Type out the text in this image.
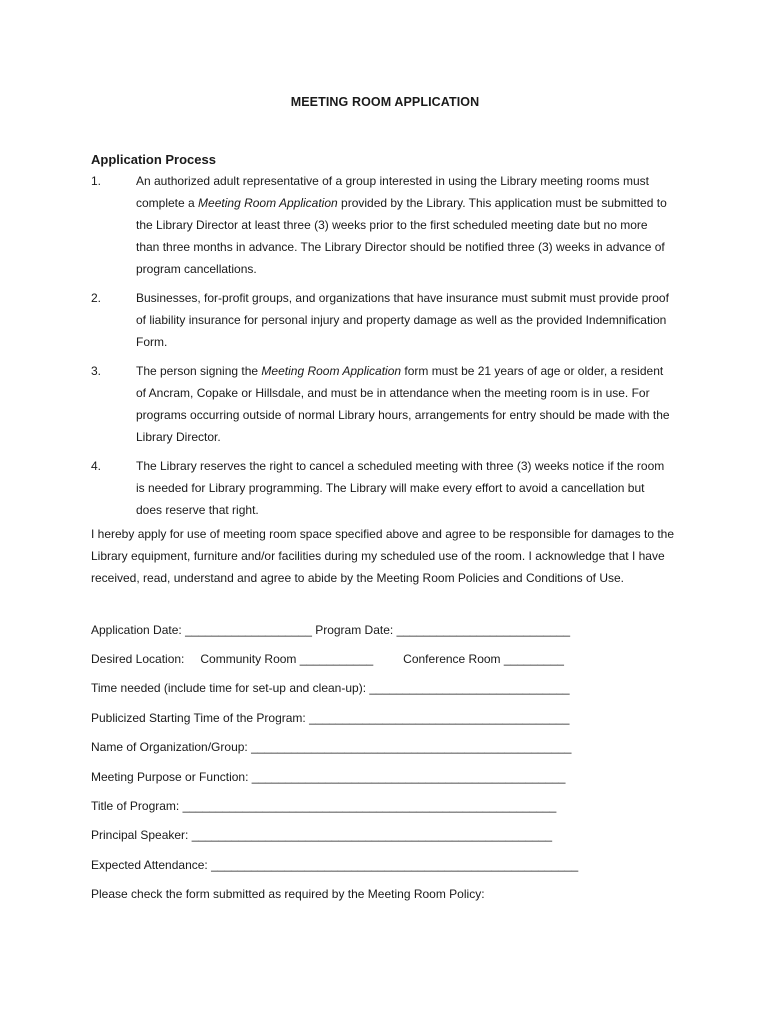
MEETING ROOM APPLICATION
Application Process
1.	An authorized adult representative of a group interested in using the Library meeting rooms must complete a Meeting Room Application provided by the Library. This application must be submitted to the Library Director at least three (3) weeks prior to the first scheduled meeting date but no more than three months in advance. The Library Director should be notified three (3) weeks in advance of program cancellations.
2.	Businesses, for-profit groups, and organizations that have insurance must submit must provide proof of liability insurance for personal injury and property damage as well as the provided Indemnification Form.
3.	The person signing the Meeting Room Application form must be 21 years of age or older, a resident of Ancram, Copake or Hillsdale, and must be in attendance when the meeting room is in use. For programs occurring outside of normal Library hours, arrangements for entry should be made with the Library Director.
4.	The Library reserves the right to cancel a scheduled meeting with three (3) weeks notice if the room is needed for Library programming. The Library will make every effort to avoid a cancellation but does reserve that right.

I hereby apply for use of meeting room space specified above and agree to be responsible for damages to the Library equipment, furniture and/or facilities during my scheduled use of the room. I acknowledge that I have received, read, understand and agree to abide by the Meeting Room Policies and Conditions of Use.

Application Date: ___________________ Program Date: __________________________
Desired Location: Community Room ___________	Conference Room _________
Time needed (include time for set-up and clean-up): ______________________________
Publicized Starting Time of the Program: _______________________________________
Name of Organization/Group: ________________________________________________
Meeting Purpose or Function: _______________________________________________
Title of Program: ________________________________________________________
Principal Speaker: ______________________________________________________
Expected Attendance: _______________________________________________________
Please check the form submitted as required by the Meeting Room Policy:
